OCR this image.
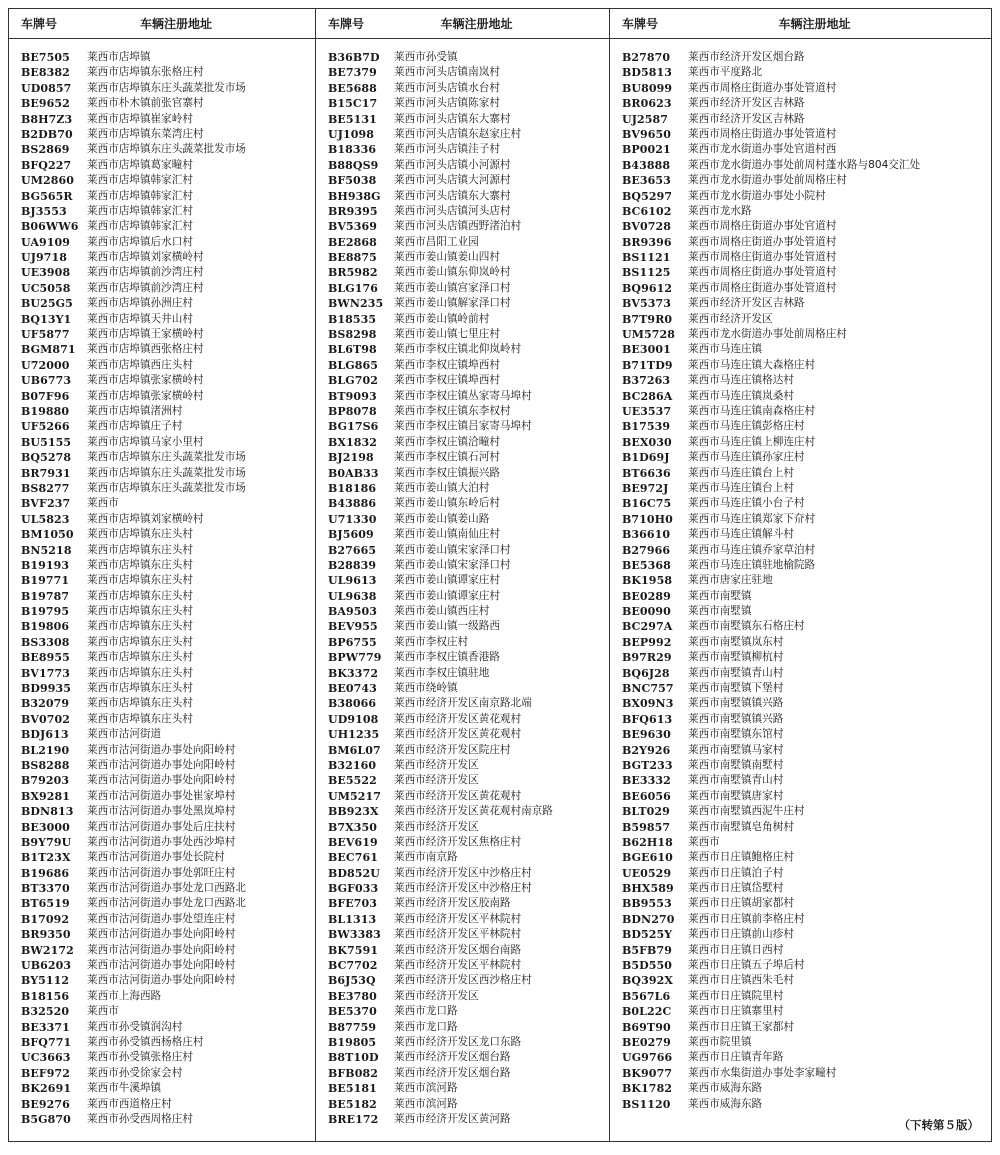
车牌号	车辆注册地址
BE7505	莱西市店埠镇
BE8382	莱西市店埠镇东张格庄村
UD0857	莱西市店埠镇东庄头蔬菜批发市场
BE9652	莱西市朴木镇前张官寨村
B8H7Z3	莱西市店埠镇崔家岭村
B2DB70	莱西市店埠镇东菜湾庄村
BS2869	莱西市店埠镇东庄头蔬菜批发市场
BFQ227	莱西市店埠镇葛家疃村
UM2860	莱西市店埠镇韩家汇村
BG565R	莱西市店埠镇韩家汇村
BJ3553	莱西市店埠镇韩家汇村
B06WW6 莱西市店埠镇韩家汇村
UA9109	莱西市店埠镇后水口村
UJ9718	莱西市店埠镇刘家横岭村
UE3908	莱西市店埠镇前沙湾庄村
UC5058	莱西市店埠镇前沙湾庄村
BU25G5	莱西市店埠镇孙洲庄村
BQ13Y1	莱西市店埠镇天井山村
UF5877	莱西市店埠镇王家横岭村
BGM871	莱西市店埠镇西张格庄村
U72000	莱西市店埠镇西庄头村
UB6773	莱西市店埠镇张家横岭村
B07F96	莱西市店埠镇张家横岭村
B19880	莱西市店埠镇渚洲村
UF5266	莱西市店埠镇庄子村
BU5155	莱西市店埠镇马家小里村
BQ5278	莱西市店埠镇东庄头蔬菜批发市场
BR7931	莱西市店埠镇东庄头蔬菜批发市场
BS8277	莱西市店埠镇东庄头蔬菜批发市场
BVF237	莱西市
UL5823	莱西市店埠镇刘家横岭村
BM1050	莱西市店埠镇东庄头村
BN5218	莱西市店埠镇东庄头村
B19193	莱西市店埠镇东庄头村
B19771	莱西市店埠镇东庄头村
B19787	莱西市店埠镇东庄头村
B19795	莱西市店埠镇东庄头村
B19806	莱西市店埠镇东庄头村
BS3308	莱西市店埠镇东庄头村
BE8955	莱西市店埠镇东庄头村
BV1773	莱西市店埠镇东庄头村
BD9935	莱西市店埠镇东庄头村
B32079	莱西市店埠镇东庄头村
BV0702	莱西市店埠镇东庄头村
BDJ613	莱西市沽河街道
BL2190	莱西市沽河街道办事处向阳岭村
BS8288	莱西市沽河街道办事处向阳岭村
B79203	莱西市沽河街道办事处向阳岭村
BX9281	莱西市沽河街道办事处崔家埠村
BDN813	莱西市沽河街道办事处黑岚埠村
BE3000	莱西市沽河街道办事处后庄扶村
B9Y79U	莱西市沽河街道办事处西沙埠村
B1T23X	莱西市沽河街道办事处长院村
B19686	莱西市沽河街道办事处郭旺庄村
BT3370	莱西市沽河街道办事处龙口西路北
BT6519	莱西市沽河街道办事处龙口西路北
B17092	莱西市沽河街道办事处望连庄村
BR9350	莱西市沽河街道办事处向阳岭村
BW2172	莱西市沽河街道办事处向阳岭村
UB6203	莱西市沽河街道办事处向阳岭村
BY5112	莱西市沽河街道办事处向阳岭村
B18156	莱西市上海西路
B32520	莱西市
BE3371	莱西市孙受镇润沟村
BFQ771	莱西市孙受镇西杨格庄村
UC3663	莱西市孙受镇张格庄村
BEF972	莱西市孙受徐家会村
BK2691	莱西市牛溪埠镇
BE9276	莱西市西道格庄村
B5G870	莱西市孙受西周格庄村
车牌号	车辆注册地址
B36B7D	莱西市孙受镇
BE7379	莱西市河头店镇南岚村
BE5688	莱西市河头店镇水台村
B15C17	莱西市河头店镇陈家村
BE5131	莱西市河头店镇东大寨村
UJ1098	莱西市河头店镇东赵家庄村
B18336	莱西市河头店镇洼子村
B88QS9	莱西市河头店镇小河源村
BF5038	莱西市河头店镇大河源村
BH938G	莱西市河头店镇东大寨村
BR9395	莱西市河头店镇河头店村
BV5369	莱西市河头店镇西野渚泊村
BE2868	莱西市昌阳工业园
BE8875	莱西市姜山镇姜山四村
BR5982	莱西市姜山镇东仰岚岭村
BLG176	莱西市姜山镇宫家泽口村
BWN235	莱西市姜山镇解家泽口村
B18535	莱西市姜山镇岭前村
BS8298	莱西市姜山镇七里庄村
BL6T98	莱西市李权庄镇北仰岚岭村
BLG865	莱西市李权庄镇埠西村
BLG702	莱西市李权庄镇埠西村
BT9093	莱西市李权庄镇丛家寄马埠村
BP8078	莱西市李权庄镇东李权村
BG17S6	莱西市李权庄镇吕家寄马埠村
BX1832	莱西市李权庄镇洽疃村
BJ2198	莱西市李权庄镇石河村
B0AB33	莱西市李权庄镇振兴路
B18186	莱西市姜山镇大泊村
B43886	莱西市姜山镇东岭后村
U71330	莱西市姜山镇姜山路
BJ5609	莱西市姜山镇南仙庄村
B27665	莱西市姜山镇宋家泽口村
B28839	莱西市姜山镇宋家泽口村
UL9613	莱西市姜山镇谭家庄村
UL9638	莱西市姜山镇谭家庄村
BA9503	莱西市姜山镇西庄村
BEV955	莱西市姜山镇一级路西
BP6755	莱西市李权庄村
BPW779	莱西市李权庄镇香港路
BK3372	莱西市李权庄镇驻地
BE0743	莱西市绕岭镇
B38066	莱西市经济开发区南京路北端
UD9108	莱西市经济开发区黄花观村
UH1235	莱西市经济开发区黄花观村
BM6L07	莱西市经济开发区院庄村
B32160	莱西市经济开发区
BE5522	莱西市经济开发区
UM5217	莱西市经济开发区黄花观村
BB923X	莱西市经济开发区黄花观村南京路
B7X350	莱西市经济开发区
BEV619	莱西市经济开发区焦格庄村
BEC761	莱西市南京路
BD852U	莱西市经济开发区中沙格庄村
BGF033	莱西市经济开发区中沙格庄村
BFE703	莱西市经济开发区胶南路
BL1313	莱西市经济开发区平林院村
BW3383	莱西市经济开发区平林院村
BK7591	莱西市经济开发区烟台南路
BC7702	莱西市经济开发区平林院村
B6J53Q	莱西市经济开发区西沙格庄村
BE3780	莱西市经济开发区
BE5370	莱西市龙口路
B87759	莱西市龙口路
B19805	莱西市经济开发区龙口东路
B8T10D	莱西市经济开发区烟台路
BFB082	莱西市经济开发区烟台路
BE5181	莱西市滨河路
BE5182	莱西市滨河路
BRE172	莱西市经济开发区黄河路
车牌号	车辆注册地址
B27870	莱西市经济开发区烟台路
BD5813	莱西市平度路北
BU8099	莱西市周格庄街道办事处管道村
BR0623	莱西市经济开发区吉林路
UJ2587	莱西市经济开发区吉林路
BV9650	莱西市周格庄街道办事处管道村
BP0021	莱西市龙水街道办事处官道村西
B43888	莱西市龙水街道办事处前周村蓬水路与804交汇处
BE3653	莱西市龙水街道办事处前周格庄村
BQ5297	莱西市龙水街道办事处小院村
BC6102	莱西市龙水路
BV0728	莱西市周格庄街道办事处官道村
BR9396	莱西市周格庄街道办事处管道村
BS1121	莱西市周格庄街道办事处管道村
BS1125	莱西市周格庄街道办事处管道村
BQ9612	莱西市周格庄街道办事处管道村
BV5373	莱西市经济开发区吉林路
B7T9R0	莱西市经济开发区
UM5728	莱西市龙水街道办事处前周格庄村
BE3001	莱西市马连庄镇
B71TD9	莱西市马连庄镇大森格庄村
B37263	莱西市马连庄镇格达村
BC286A	莱西市马连庄镇岚桑村
UE3537	莱西市马连庄镇南森格庄村
B17539	莱西市马连庄镇彭格庄村
BEX030	莱西市马连庄镇上柳连庄村
B1D69J	莱西市马连庄镇孙家庄村
BT6636	莱西市马连庄镇台上村
BE972J	莱西市马连庄镇台上村
B16C75	莱西市马连庄镇小台子村
B710H0	莱西市马连庄镇郑家下夼村
B36610	莱西市马连庄镇解斗村
B27966	莱西市马连庄镇乔家草泊村
BE5368	莱西市马连庄镇驻地榆院路
BK1958	莱西市唐家庄驻地
BE0289	莱西市南墅镇
BE0090	莱西市南墅镇
BC297A	莱西市南墅镇东石格庄村
BEP992	莱西市南墅镇岚东村
B97R29	莱西市南墅镇柳杭村
BQ6J28	莱西市南墅镇青山村
BNC757	莱西市南墅镇下堡村
BX09N3	莱西市南墅镇镇兴路
BFQ613	莱西市南墅镇镇兴路
BE9630	莱西市南墅镇东馆村
B2Y926	莱西市南墅镇马家村
BGT233	莱西市南墅镇南墅村
BE3332	莱西市南墅镇青山村
BE6056	莱西市南墅镇唐家村
BLT029	莱西市南墅镇西泥牛庄村
B59857	莱西市南墅镇皂角树村
B62H18	莱西市
BGE610	莱西市日庄镇鲍格庄村
UE0529	莱西市日庄镇泊子村
BHX589	莱西市日庄镇岱墅村
BB9553	莱西市日庄镇胡家都村
BDN270	莱西市日庄镇前李格庄村
BD525Y	莱西市日庄镇前山疹村
B5FB79	莱西市日庄镇日西村
B5D550	莱西市日庄镇五子埠后村
BQ392X	莱西市日庄镇西朱毛村
B567L6	莱西市日庄镇院里村
B0L22C	莱西市日庄镇寨里村
B69T90	莱西市日庄镇王家都村
BE0279	莱西市院里镇
UG9766	莱西市日庄镇青年路
BK9077	莱西市水集街道办事处李家疃村
BK1782	莱西市威海东路
BS1120	莱西市威海东路
（下转第５版）
